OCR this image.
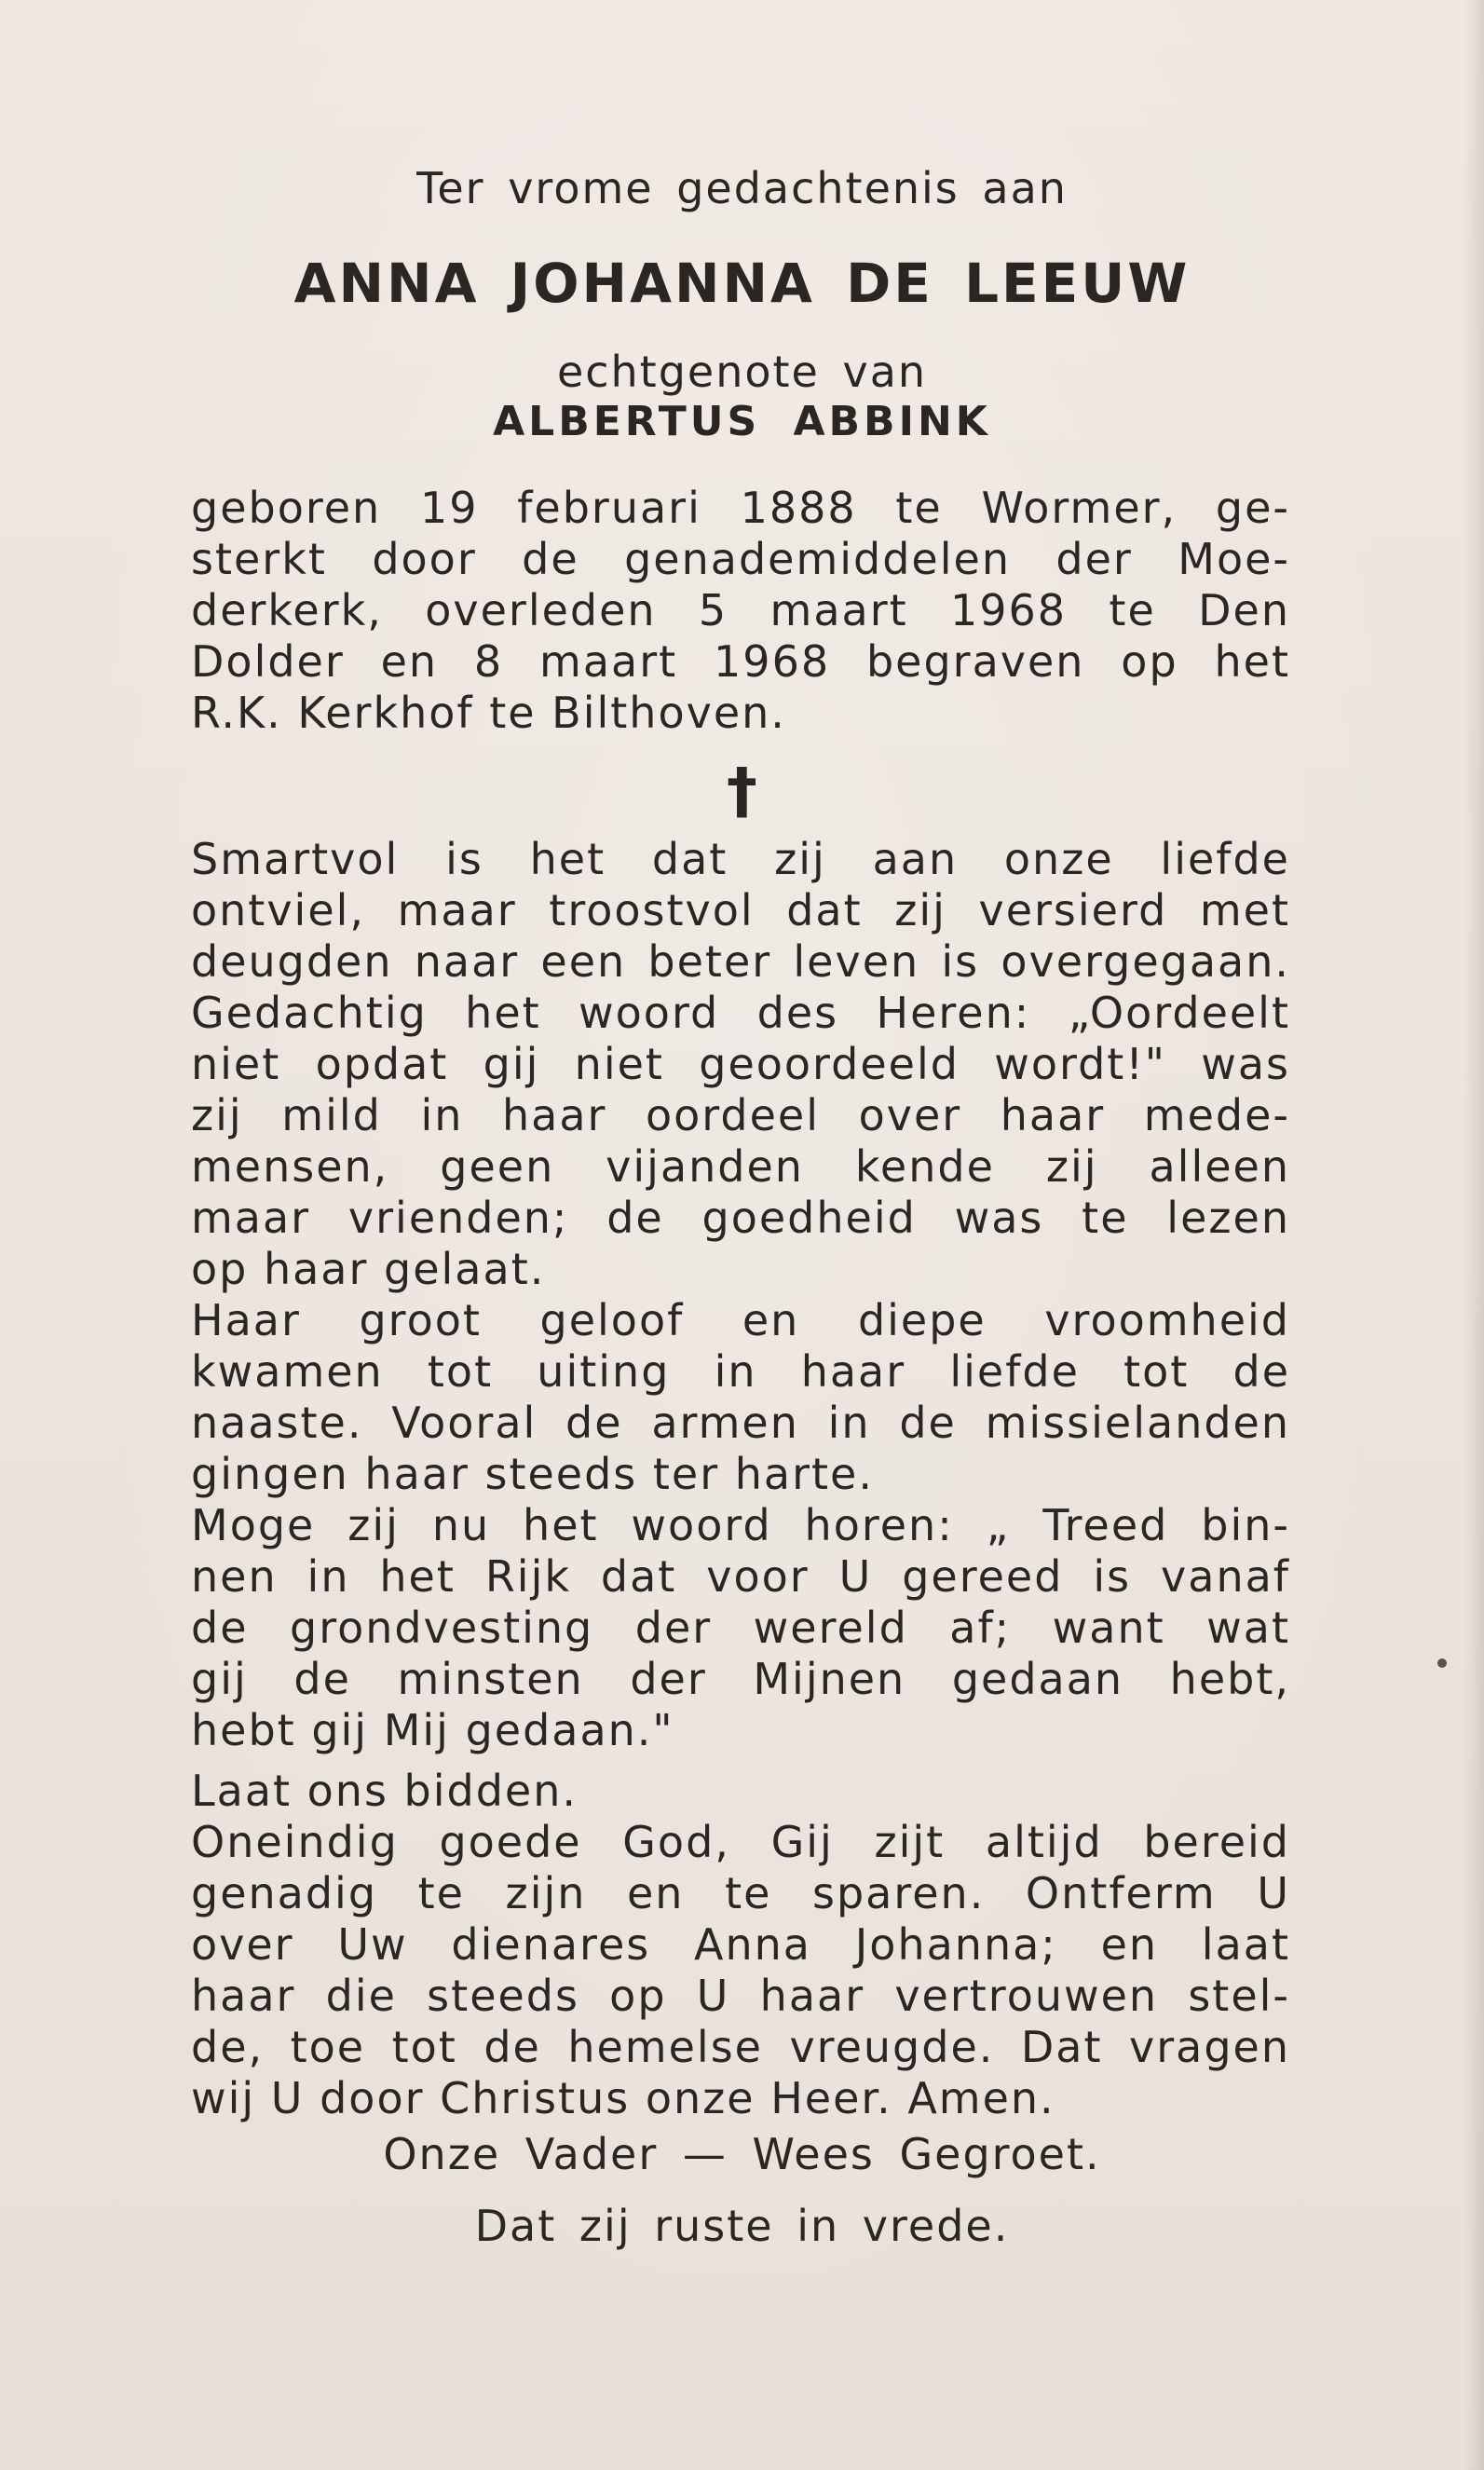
Ter vrome gedachtenis aan
ANNA JOHANNA DE LEEUW
echtgenote van
ALBERTUS ABBINK
geboren 19 februari 1888 te Wormer, ge-
sterkt door de genademiddelen der Moe-
derkerk, overleden 5 maart 1968 te Den
Dolder en 8 maart 1968 begraven op het
R.K. Kerkhof te Bilthoven.
†
Smartvol is het dat zij aan onze liefde
ontviel, maar troostvol dat zij versierd met
deugden naar een beter leven is overgegaan.
Gedachtig het woord des Heren: „Oordeelt
niet opdat gij niet geoordeeld wordt!" was
zij mild in haar oordeel over haar mede-
mensen, geen vijanden kende zij alleen
maar vrienden; de goedheid was te lezen
op haar gelaat.
Haar groot geloof en diepe vroomheid
kwamen tot uiting in haar liefde tot de
naaste. Vooral de armen in de missielanden
gingen haar steeds ter harte.
Moge zij nu het woord horen: „ Treed bin-
nen in het Rijk dat voor U gereed is vanaf
de grondvesting der wereld af; want wat
gij de minsten der Mijnen gedaan hebt,
hebt gij Mij gedaan."
Laat ons bidden.
Oneindig goede God, Gij zijt altijd bereid
genadig te zijn en te sparen. Ontferm U
over Uw dienares Anna Johanna; en laat
haar die steeds op U haar vertrouwen stel-
de, toe tot de hemelse vreugde. Dat vragen
wij U door Christus onze Heer. Amen.
Onze Vader — Wees Gegroet.
Dat zij ruste in vrede.
